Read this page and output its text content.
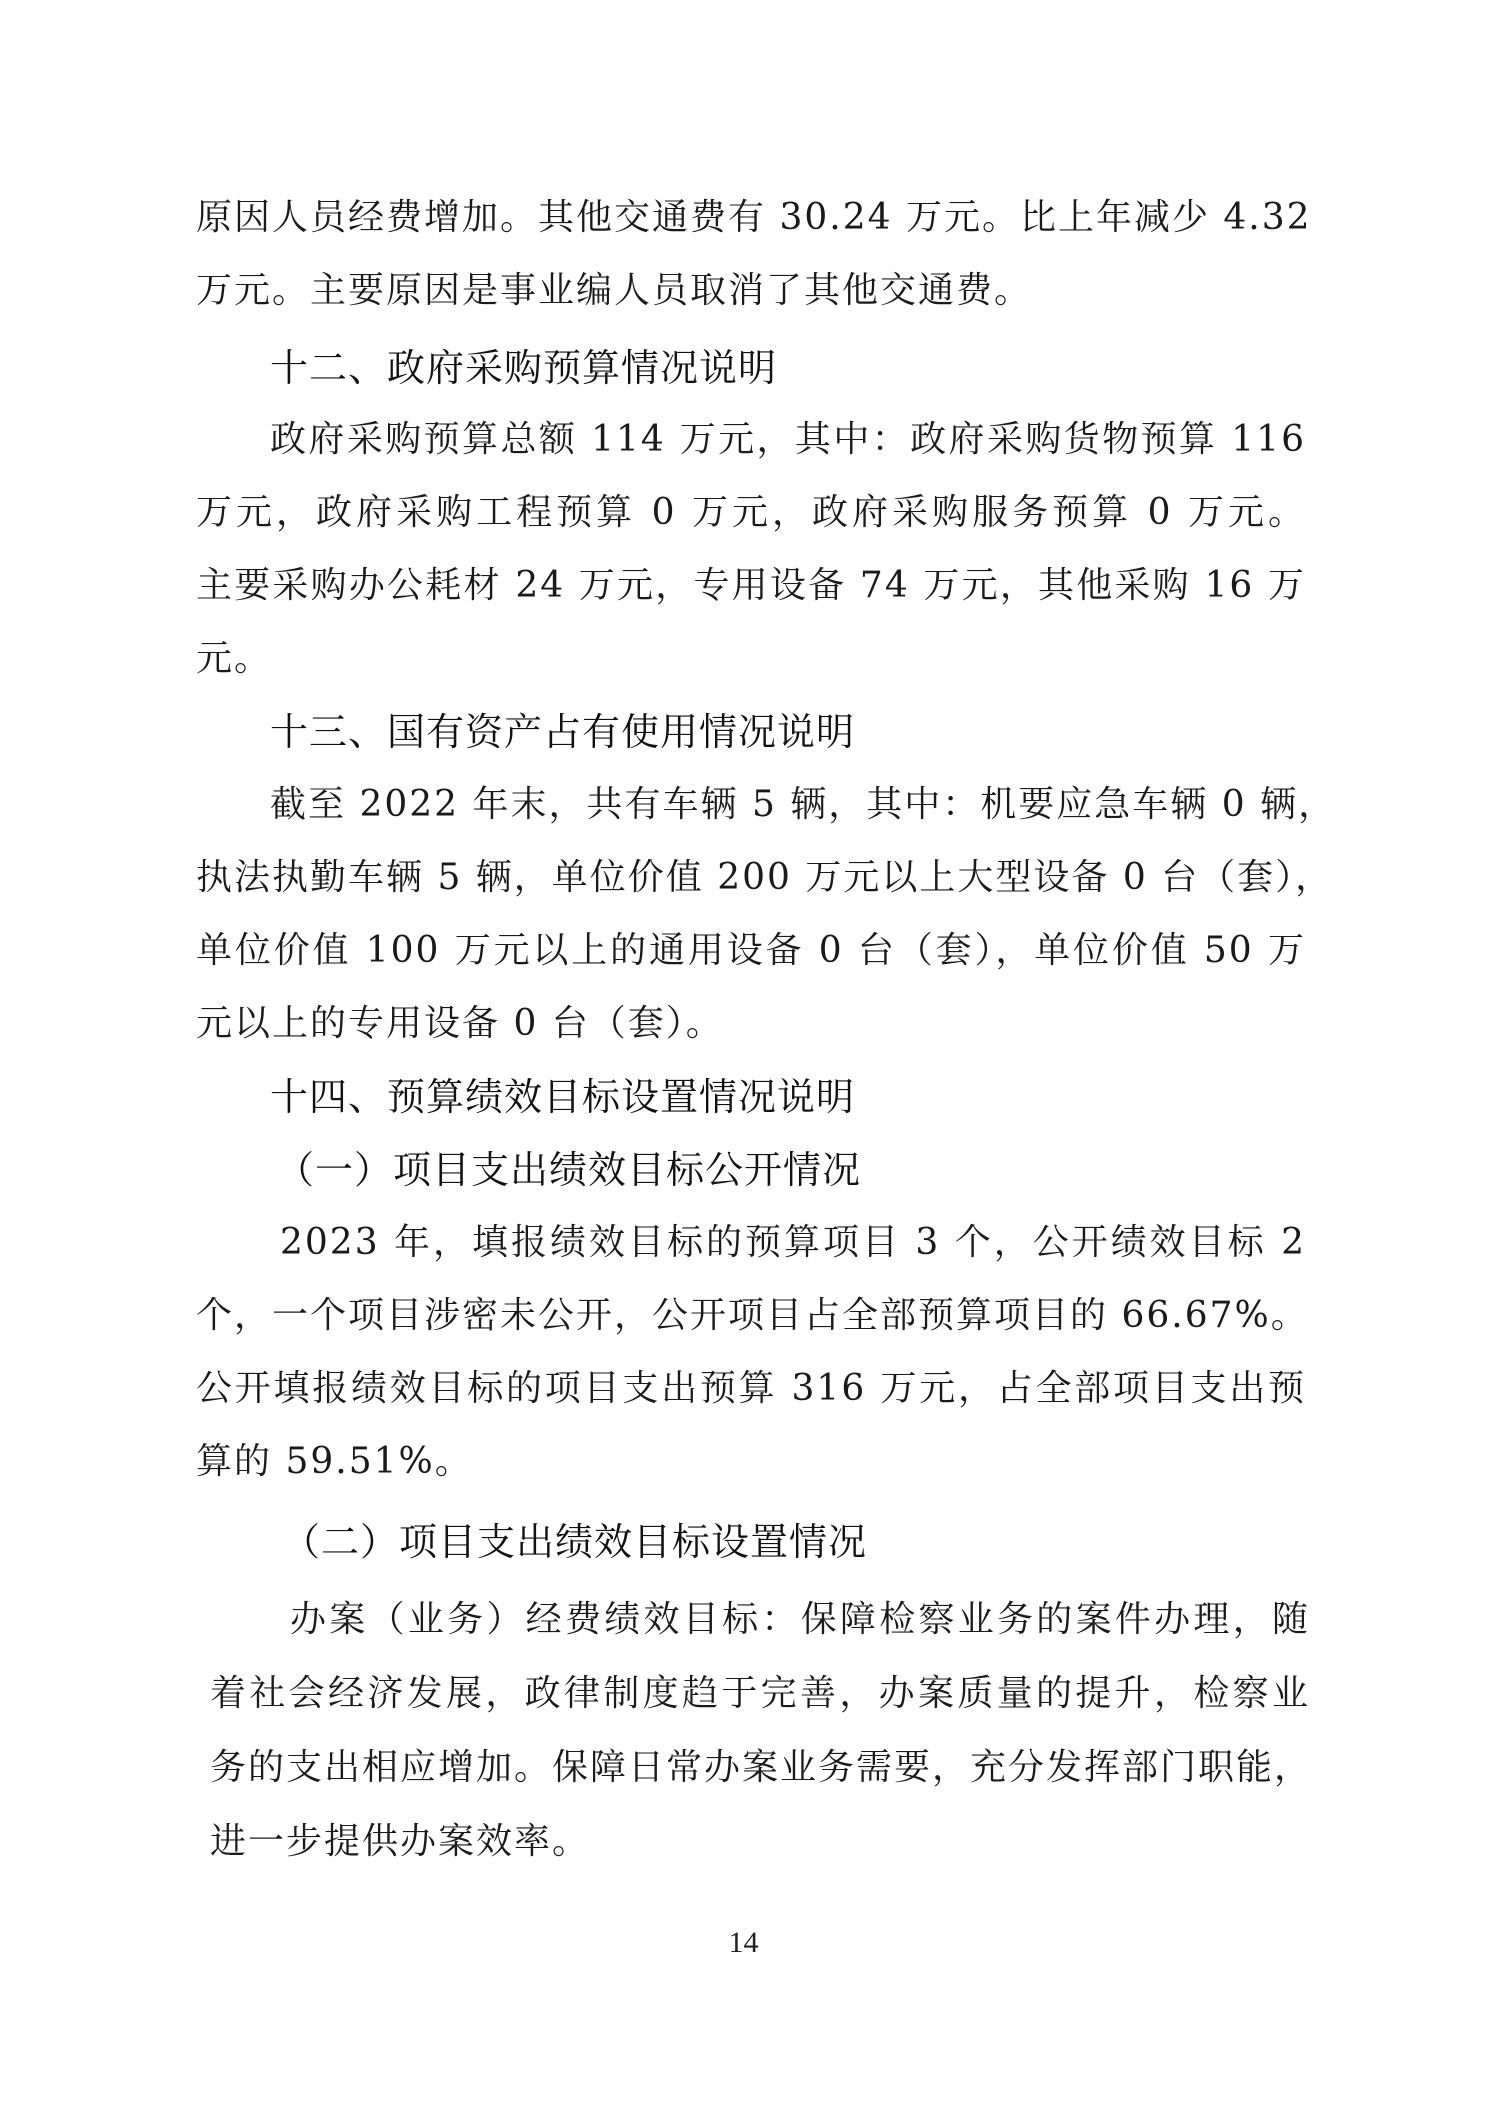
原因人员经费增加。其他交通费有 30.24 万元。比上年减少 4.32
万元。主要原因是事业编人员取消了其他交通费。
十二、政府采购预算情况说明
政府采购预算总额 114 万元，其中：政府采购货物预算 116
万元，政府采购工程预算 0 万元，政府采购服务预算 0 万元。
主要采购办公耗材 24 万元，专用设备 74 万元，其他采购 16 万
元。
十三、国有资产占有使用情况说明
截至 2022 年末，共有车辆 5 辆，其中：机要应急车辆 0 辆，
执法执勤车辆 5 辆，单位价值 200 万元以上大型设备 0 台（套），
单位价值 100 万元以上的通用设备 0 台（套），单位价值 50 万
元以上的专用设备 0 台（套）。
十四、预算绩效目标设置情况说明
（一）项目支出绩效目标公开情况
2023 年，填报绩效目标的预算项目 3 个，公开绩效目标 2
个，一个项目涉密未公开，公开项目占全部预算项目的 66.67%。
公开填报绩效目标的项目支出预算 316 万元，占全部项目支出预
算的 59.51%。
（二）项目支出绩效目标设置情况
办案（业务）经费绩效目标：保障检察业务的案件办理，随
着社会经济发展，政律制度趋于完善，办案质量的提升，检察业
务的支出相应增加。保障日常办案业务需要，充分发挥部门职能，
进一步提供办案效率。
14
